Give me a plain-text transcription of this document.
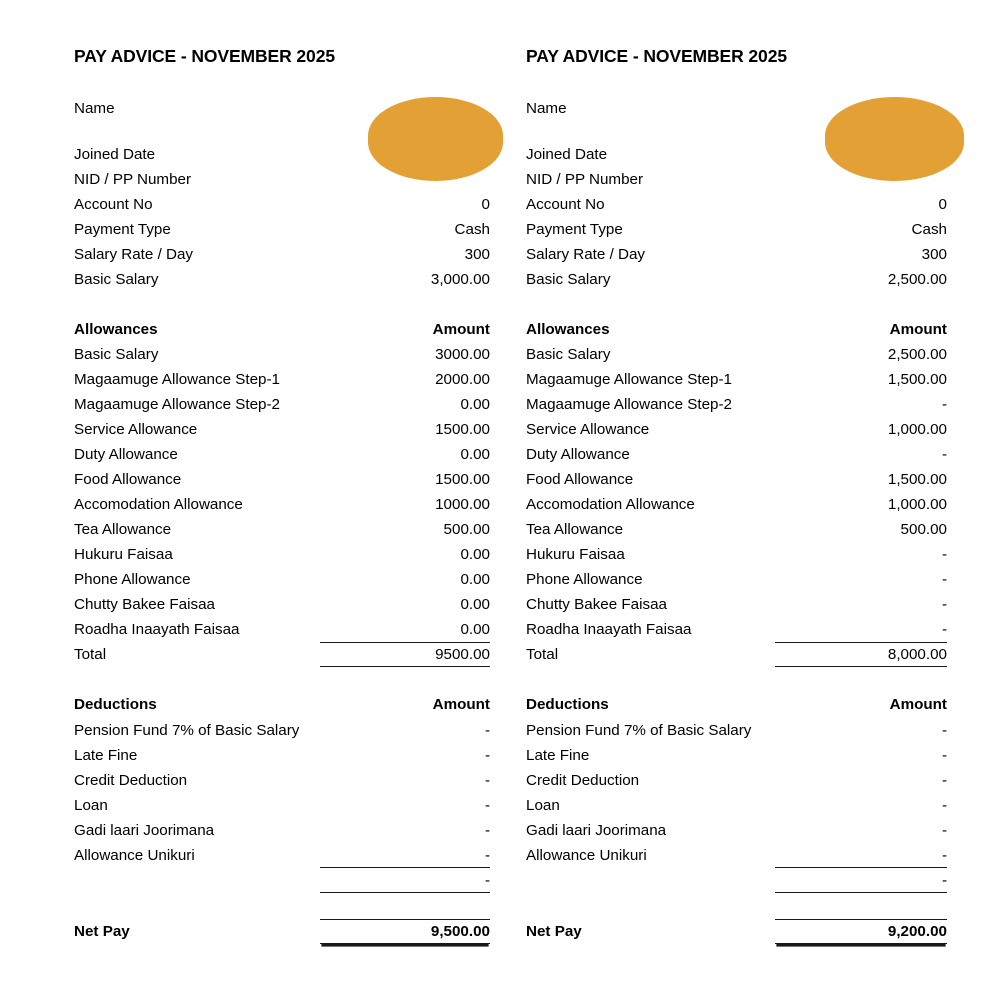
PAY ADVICE - NOVEMBER 2025
Name
Joined Date
NID / PP Number
Account No	0
Payment Type	Cash
Salary Rate / Day	300
Basic Salary	3,000.00
Allowances	Amount
Basic Salary	3000.00
Magaamuge Allowance Step-1	2000.00
Magaamuge Allowance Step-2	0.00
Service Allowance	1500.00
Duty Allowance	0.00
Food Allowance	1500.00
Accomodation Allowance	1000.00
Tea Allowance	500.00
Hukuru Faisaa	0.00
Phone Allowance	0.00
Chutty Bakee Faisaa	0.00
Roadha Inaayath Faisaa	0.00
Total	9500.00
Deductions	Amount
Pension Fund 7% of Basic Salary	-
Late Fine	-
Credit Deduction	-
Loan	-
Gadi laari Joorimana	-
Allowance Unikuri	-
-
Net Pay	9,500.00
PAY ADVICE - NOVEMBER 2025
Name
Joined Date
NID / PP Number
Account No	0
Payment Type	Cash
Salary Rate / Day	300
Basic Salary	2,500.00
Allowances	Amount
Basic Salary	2,500.00
Magaamuge Allowance Step-1	1,500.00
Magaamuge Allowance Step-2	-
Service Allowance	1,000.00
Duty Allowance	-
Food Allowance	1,500.00
Accomodation Allowance	1,000.00
Tea Allowance	500.00
Hukuru Faisaa	-
Phone Allowance	-
Chutty Bakee Faisaa	-
Roadha Inaayath Faisaa	-
Total	8,000.00
Deductions	Amount
Pension Fund 7% of Basic Salary	-
Late Fine	-
Credit Deduction	-
Loan	-
Gadi laari Joorimana	-
Allowance Unikuri	-
-
Net Pay	9,200.00
